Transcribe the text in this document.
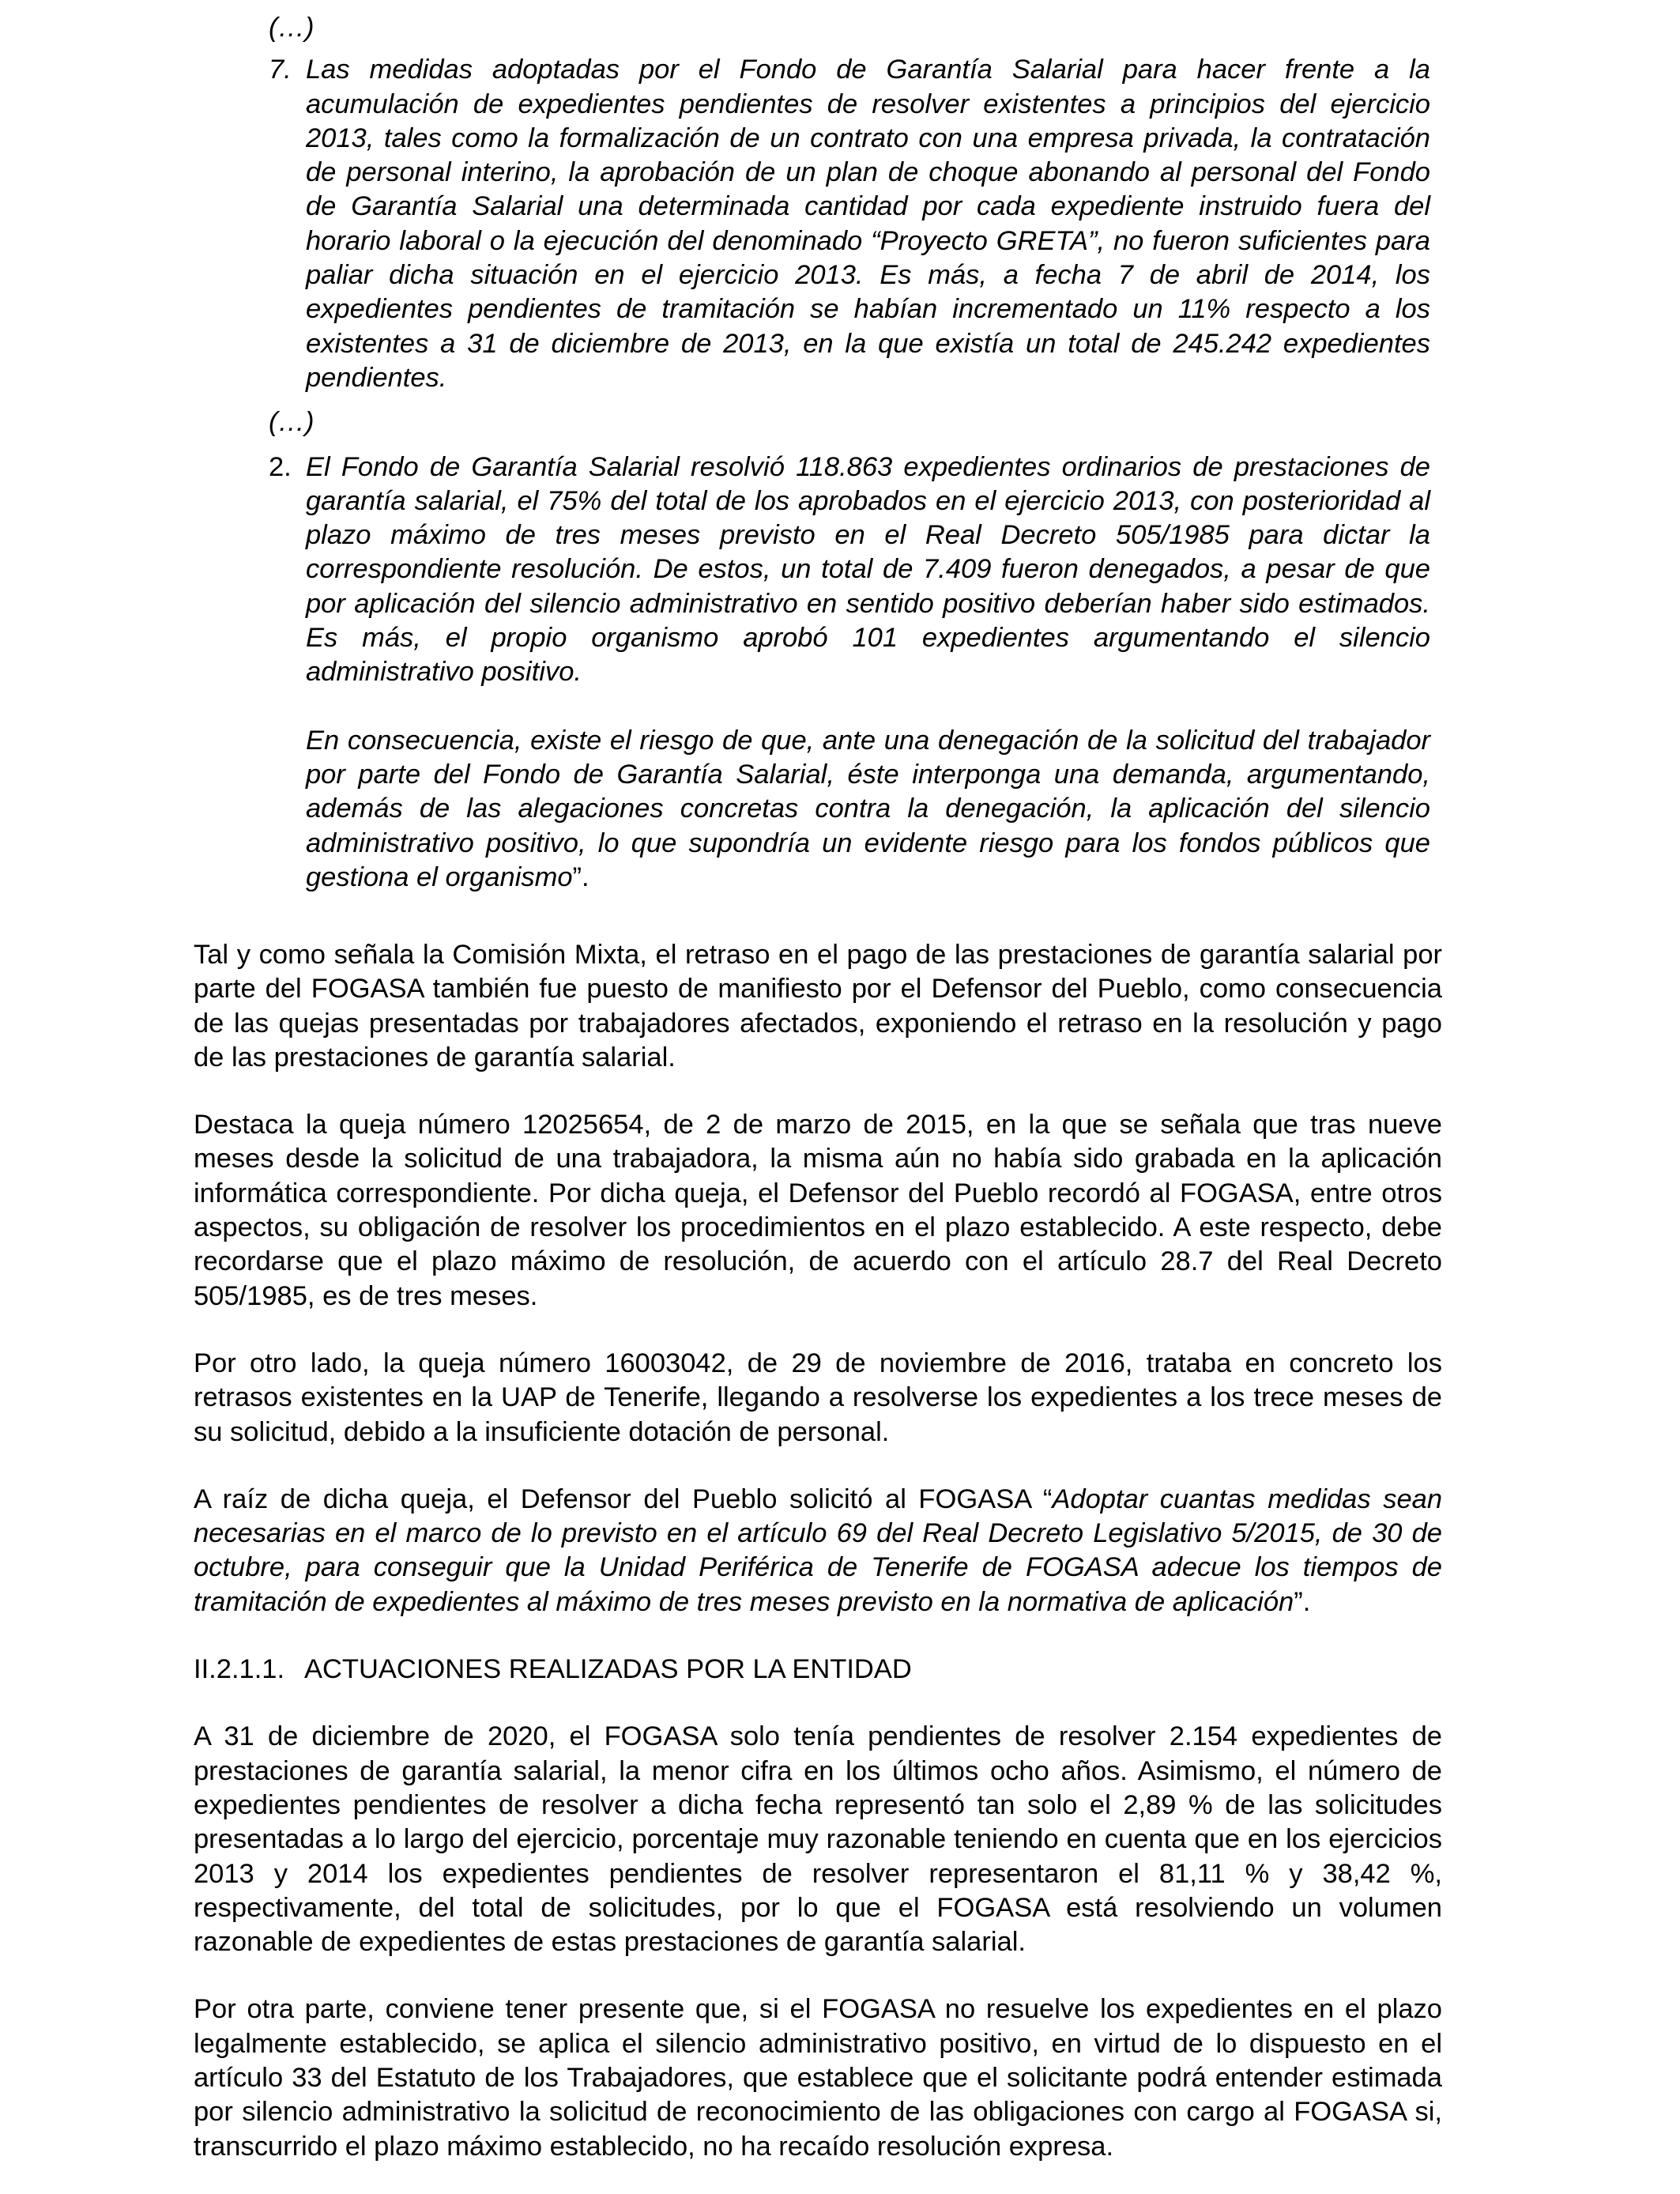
(…)

7. Las medidas adoptadas por el Fondo de Garantía Salarial para hacer frente a la acumulación de expedientes pendientes de resolver existentes a principios del ejercicio 2013, tales como la formalización de un contrato con una empresa privada, la contratación de personal interino, la aprobación de un plan de choque abonando al personal del Fondo de Garantía Salarial una determinada cantidad por cada expediente instruido fuera del horario laboral o la ejecución del denominado “Proyecto GRETA”, no fueron suficientes para paliar dicha situación en el ejercicio 2013. Es más, a fecha 7 de abril de 2014, los expedientes pendientes de tramitación se habían incrementado un 11% respecto a los existentes a 31 de diciembre de 2013, en la que existía un total de 245.242 expedientes pendientes.

(…)

2. El Fondo de Garantía Salarial resolvió 118.863 expedientes ordinarios de prestaciones de garantía salarial, el 75% del total de los aprobados en el ejercicio 2013, con posterioridad al plazo máximo de tres meses previsto en el Real Decreto 505/1985 para dictar la correspondiente resolución. De estos, un total de 7.409 fueron denegados, a pesar de que por aplicación del silencio administrativo en sentido positivo deberían haber sido estimados. Es más, el propio organismo aprobó 101 expedientes argumentando el silencio administrativo positivo.

En consecuencia, existe el riesgo de que, ante una denegación de la solicitud del trabajador por parte del Fondo de Garantía Salarial, éste interponga una demanda, argumentando, además de las alegaciones concretas contra la denegación, la aplicación del silencio administrativo positivo, lo que supondría un evidente riesgo para los fondos públicos que gestiona el organismo”.

Tal y como señala la Comisión Mixta, el retraso en el pago de las prestaciones de garantía salarial por parte del FOGASA también fue puesto de manifiesto por el Defensor del Pueblo, como consecuencia de las quejas presentadas por trabajadores afectados, exponiendo el retraso en la resolución y pago de las prestaciones de garantía salarial.

Destaca la queja número 12025654, de 2 de marzo de 2015, en la que se señala que tras nueve meses desde la solicitud de una trabajadora, la misma aún no había sido grabada en la aplicación informática correspondiente. Por dicha queja, el Defensor del Pueblo recordó al FOGASA, entre otros aspectos, su obligación de resolver los procedimientos en el plazo establecido. A este respecto, debe recordarse que el plazo máximo de resolución, de acuerdo con el artículo 28.7 del Real Decreto 505/1985, es de tres meses.

Por otro lado, la queja número 16003042, de 29 de noviembre de 2016, trataba en concreto los retrasos existentes en la UAP de Tenerife, llegando a resolverse los expedientes a los trece meses de su solicitud, debido a la insuficiente dotación de personal.

A raíz de dicha queja, el Defensor del Pueblo solicitó al FOGASA “Adoptar cuantas medidas sean necesarias en el marco de lo previsto en el artículo 69 del Real Decreto Legislativo 5/2015, de 30 de octubre, para conseguir que la Unidad Periférica de Tenerife de FOGASA adecue los tiempos de tramitación de expedientes al máximo de tres meses previsto en la normativa de aplicación”.

II.2.1.1. ACTUACIONES REALIZADAS POR LA ENTIDAD

A 31 de diciembre de 2020, el FOGASA solo tenía pendientes de resolver 2.154 expedientes de prestaciones de garantía salarial, la menor cifra en los últimos ocho años. Asimismo, el número de expedientes pendientes de resolver a dicha fecha representó tan solo el 2,89 % de las solicitudes presentadas a lo largo del ejercicio, porcentaje muy razonable teniendo en cuenta que en los ejercicios 2013 y 2014 los expedientes pendientes de resolver representaron el 81,11 % y 38,42 %, respectivamente, del total de solicitudes, por lo que el FOGASA está resolviendo un volumen razonable de expedientes de estas prestaciones de garantía salarial.

Por otra parte, conviene tener presente que, si el FOGASA no resuelve los expedientes en el plazo legalmente establecido, se aplica el silencio administrativo positivo, en virtud de lo dispuesto en el artículo 33 del Estatuto de los Trabajadores, que establece que el solicitante podrá entender estimada por silencio administrativo la solicitud de reconocimiento de las obligaciones con cargo al FOGASA si, transcurrido el plazo máximo establecido, no ha recaído resolución expresa.
